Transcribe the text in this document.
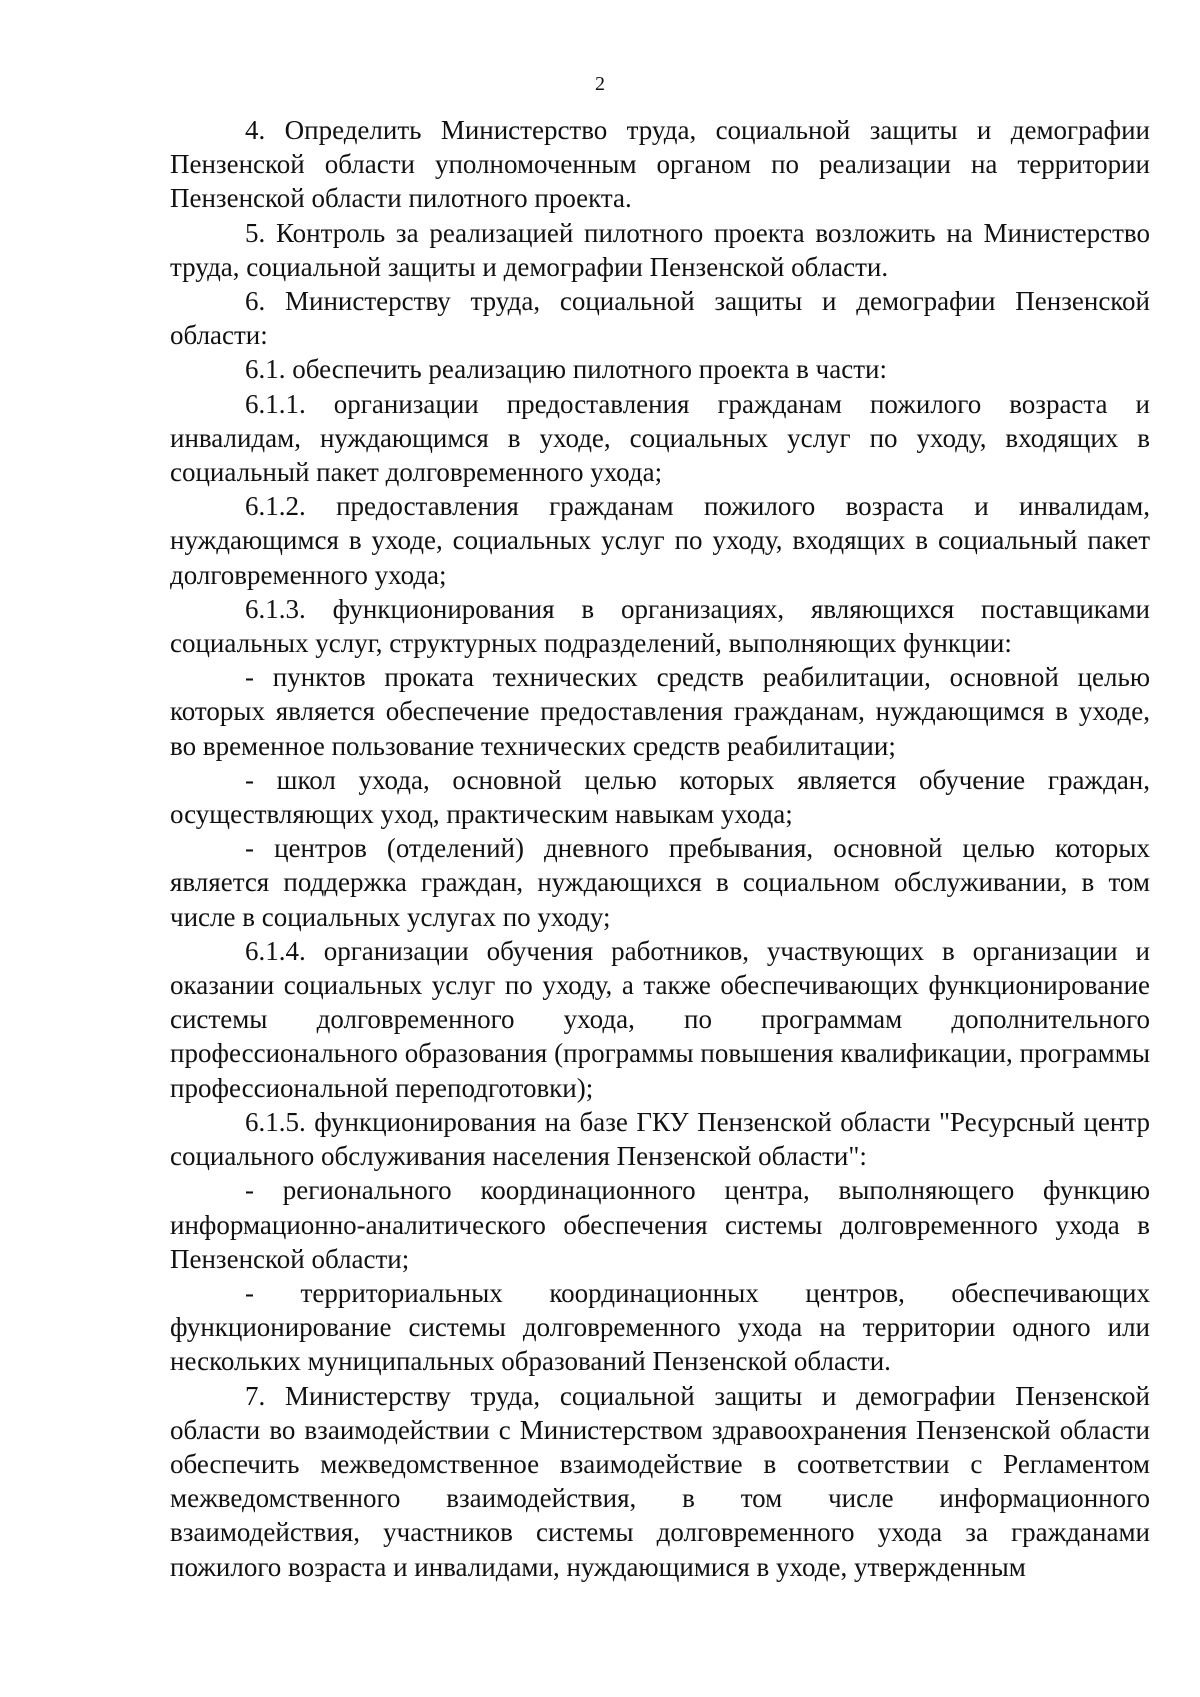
2

4. Определить Министерство труда, социальной защиты и демографии Пензенской области уполномоченным органом по реализации на территории Пензенской области пилотного проекта.

5. Контроль за реализацией пилотного проекта возложить на Министерство труда, социальной защиты и демографии Пензенской области.

6. Министерству труда, социальной защиты и демографии Пензенской области:

6.1. обеспечить реализацию пилотного проекта в части:

6.1.1. организации предоставления гражданам пожилого возраста и инвалидам, нуждающимся в уходе, социальных услуг по уходу, входящих в социальный пакет долговременного ухода;

6.1.2. предоставления гражданам пожилого возраста и инвалидам, нуждающимся в уходе, социальных услуг по уходу, входящих в социальный пакет долговременного ухода;

6.1.3. функционирования в организациях, являющихся поставщиками социальных услуг, структурных подразделений, выполняющих функции:

- пунктов проката технических средств реабилитации, основной целью которых является обеспечение предоставления гражданам, нуждающимся в уходе, во временное пользование технических средств реабилитации;

- школ ухода, основной целью которых является обучение граждан, осуществляющих уход, практическим навыкам ухода;

- центров (отделений) дневного пребывания, основной целью которых является поддержка граждан, нуждающихся в социальном обслуживании, в том числе в социальных услугах по уходу;

6.1.4. организации обучения работников, участвующих в организации и оказании социальных услуг по уходу, а также обеспечивающих функционирование системы долговременного ухода, по программам дополнительного профессионального образования (программы повышения квалификации, программы профессиональной переподготовки);

6.1.5. функционирования на базе ГКУ Пензенской области "Ресурсный центр социального обслуживания населения Пензенской области":

- регионального координационного центра, выполняющего функцию информационно-аналитического обеспечения системы долговременного ухода в Пензенской области;

- территориальных координационных центров, обеспечивающих функционирование системы долговременного ухода на территории одного или нескольких муниципальных образований Пензенской области.

7. Министерству труда, социальной защиты и демографии Пензенской области во взаимодействии с Министерством здравоохранения Пензенской области обеспечить межведомственное взаимодействие в соответствии с Регламентом межведомственного взаимодействия, в том числе информационного взаимодействия, участников системы долговременного ухода за гражданами пожилого возраста и инвалидами, нуждающимися в уходе, утвержденным
